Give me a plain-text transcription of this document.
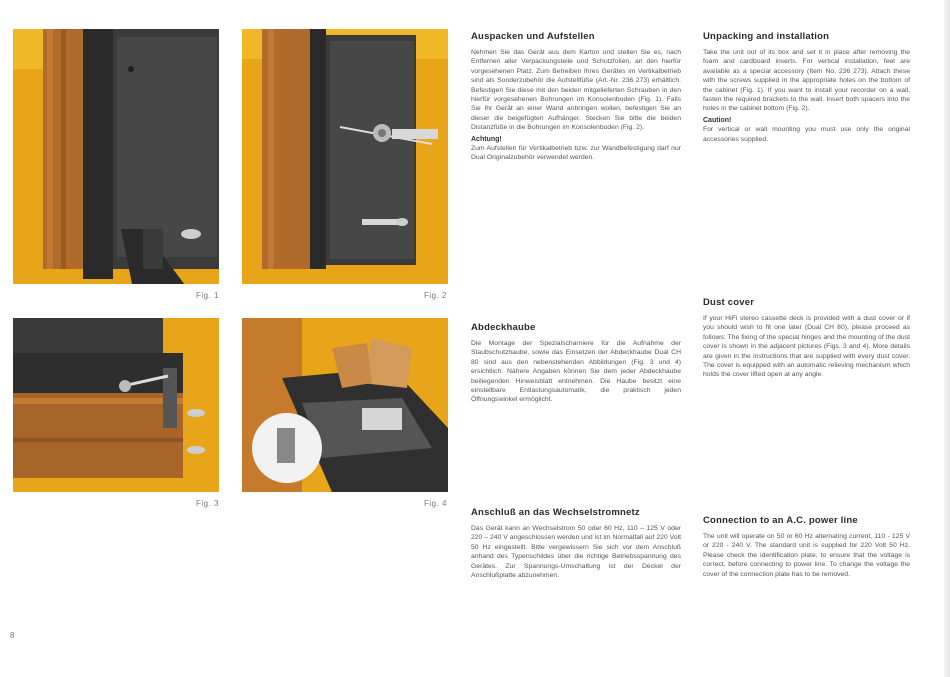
Fig. 1	Fig. 2
Fig. 3	Fig. 4
Auspacken und Aufstellen

Nehmen Sie das Gerät aus dem Karton und stellen Sie es, nach Entfernen aller Verpackungsteile und Schutzfolien, an den hierfür vorgesehenen Platz. Zum Betreiben Ihres Gerätes im Vertikalbetrieb sind als Sonderzubehör die Aufstellfüße (Art.-Nr. 236 273) erhältlich. Befestigen Sie diese mit den beiden mitgelieferten Schrauben in den hierfür vorgesehenen Bohrungen im Konsolenboden (Fig. 1). Falls Sie Ihr Gerät an einer Wand anbringen wollen, befestigen Sie an dieser die beigefügten Aufhänger. Stecken Sie bitte die beiden Distanzfüße in die Bohrungen im Konsolenboden (Fig. 2).

Achtung!

Zum Aufstellen für Vertikalbetrieb bzw. zur Wandbefestigung darf nur Dual Originalzubehör verwendet werden.

Unpacking and installation

Take the unit out of its box and set it in place after removing the foam and cardboard inserts. For vertical installation, feet are available as a special accessory (Item No. 236 273). Attach these with the screws supplied in the appropriate holes on the bottom of the cabinet (Fig. 1). If you want to install your recorder on a wall, fasten the required brackets to the wall. Insert both spacers into the holes in the cabinet bottom (Fig. 2).

Caution!

For vertical or wall mounting you must use only the original accessories supplied.

Abdeckhaube

Die Montage der Spezialscharniere für die Aufnahme der Staubschutzhaube, sowie das Einsetzen der Abdeckhaube Dual CH 80 sind aus den nebenstehenden Abbildungen (Fig. 3 und 4) ersichtlich. Nähere Angaben können Sie dem jeder Abdeckhaube beiliegenden Hinweisblatt entnehmen. Die Haube besitzt eine einstellbare Entlastungsautomatik, die praktisch jeden Öffnungswinkel ermöglicht.

Dust cover

If your HiFi stereo cassette deck is provided with a dust cover or if you should wish to fit one later (Dual CH 80), please proceed as follows: The fixing of the special hinges and the mounting of the dust cover is shown in the adjacent pictures (Figs. 3 and 4). More details are given in the instructions that are supplied with every dust cover. The cover is equipped with an automatic relieving mechanism which holds the cover lifted open at any angle.

Anschluß an das Wechselstromnetz

Das Gerät kann an Wechselstrom 50 oder 60 Hz, 110 – 125 V oder 220 – 240 V angeschlossen werden und ist im Normalfall auf 220 Volt 50 Hz eingestellt. Bitte vergewissern Sie sich vor dem Anschluß anhand des Typenschildes über die richtige Betriebsspannung des Gerätes. Zur Spannungs-Umschaltung ist der Deckel der Anschlußplatte abzunehmen.

Connection to an A.C. power line

The unit will operate on 50 or 60 Hz alternating current, 110 - 125 V or 220 - 240 V. The standard unit is supplied for 220 Volt 50 Hz. Please check the identification plate, to ensure that the voltage is correct, before connecting to power line. To change the voltage the cover of the connection plate has to be removed.

8
